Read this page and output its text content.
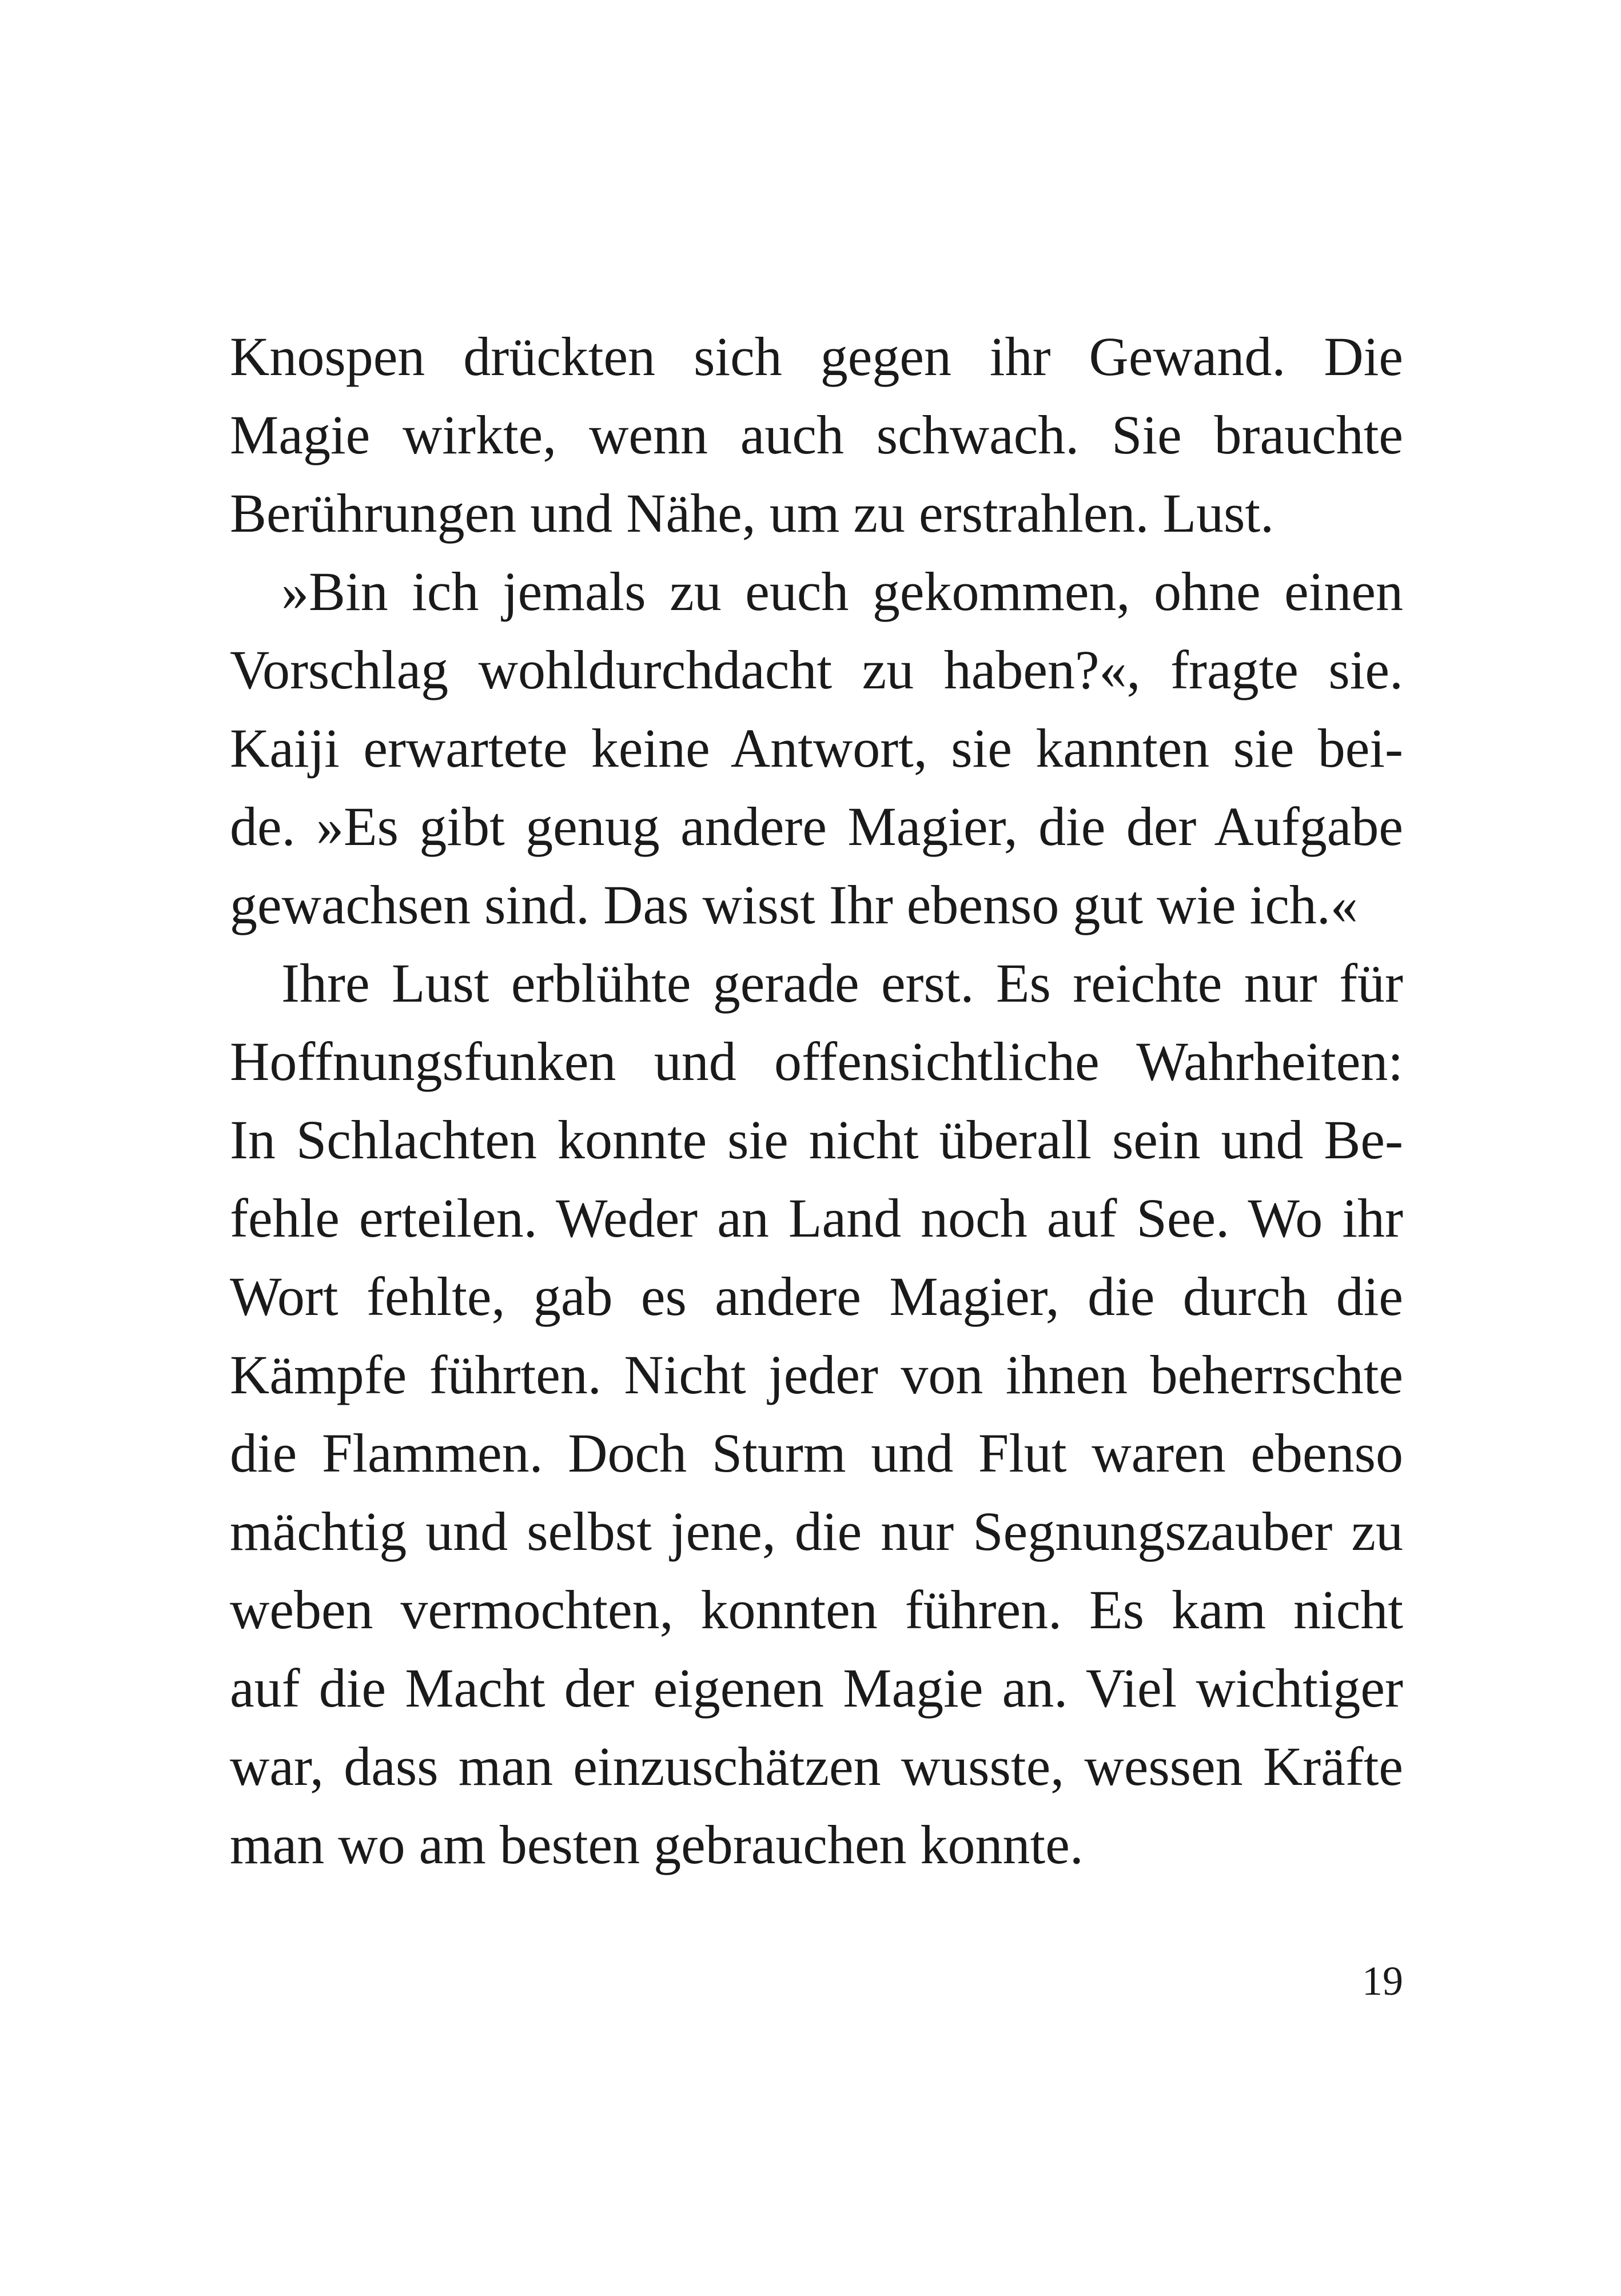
Knospen drückten sich gegen ihr Gewand. Die
Magie wirkte, wenn auch schwach. Sie brauchte
Berührungen und Nähe, um zu erstrahlen. Lust.
»Bin ich jemals zu euch gekommen, ohne einen
Vorschlag wohldurchdacht zu haben?«, fragte sie.
Kaiji erwartete keine Antwort, sie kannten sie bei-
de. »Es gibt genug andere Magier, die der Aufgabe
gewachsen sind. Das wisst Ihr ebenso gut wie ich.«
Ihre Lust erblühte gerade erst. Es reichte nur für
Hoffnungsfunken und offensichtliche Wahrheiten:
In Schlachten konnte sie nicht überall sein und Be-
fehle erteilen. Weder an Land noch auf See. Wo ihr
Wort fehlte, gab es andere Magier, die durch die
Kämpfe führten. Nicht jeder von ihnen beherrschte
die Flammen. Doch Sturm und Flut waren ebenso
mächtig und selbst jene, die nur Segnungszauber zu
weben vermochten, konnten führen. Es kam nicht
auf die Macht der eigenen Magie an. Viel wichtiger
war, dass man einzuschätzen wusste, wessen Kräfte
man wo am besten gebrauchen konnte.
19
